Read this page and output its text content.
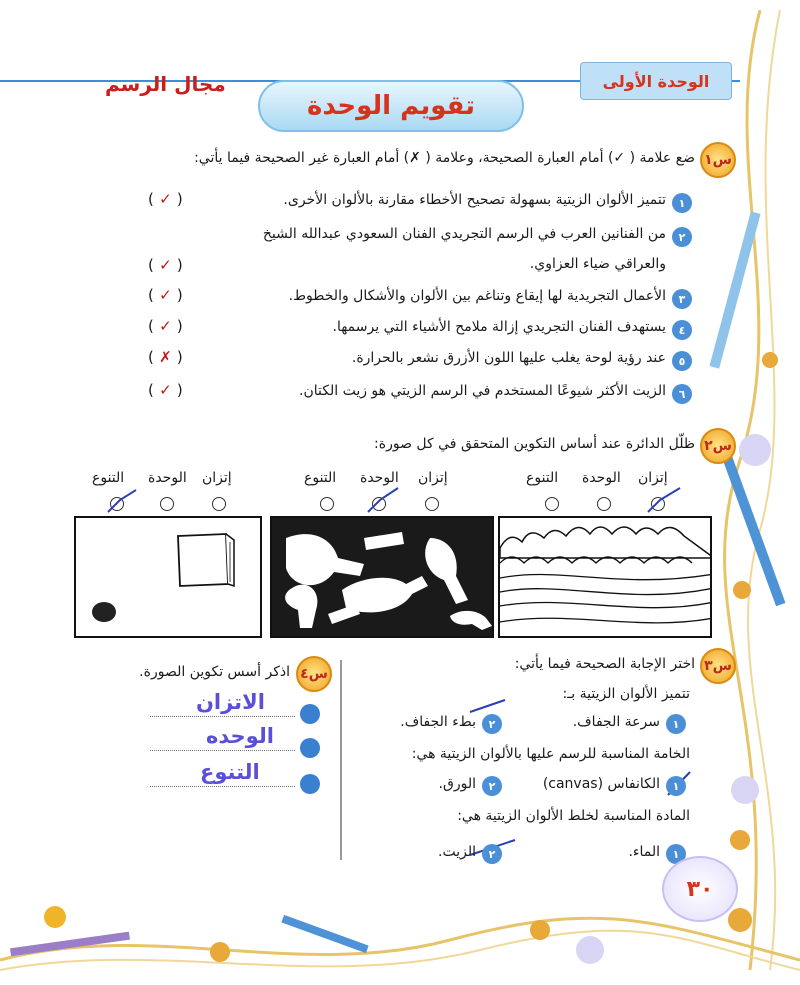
الوحدة الأولى
مجال الرسم
تقويم الوحدة
س١
ضع علامة ( ✓) أمام العبارة الصحيحة، وعلامة ( ✗) أمام العبارة غير الصحيحة فيما يأتي:
١
تتميز الألوان الزيتية بسهولة تصحيح الأخطاء مقارنة بالألوان الأخرى.
( ✓ )
٢
من الفنانين العرب في الرسم التجريدي الفنان السعودي عبدالله الشيخ
والعراقي ضياء العزاوي.
( ✓ )
٣
الأعمال التجريدية لها إيقاع وتناغم بين الألوان والأشكال والخطوط.
( ✓ )
٤
يستهدف الفنان التجريدي إزالة ملامح الأشياء التي يرسمها.
( ✓ )
٥
عند رؤية لوحة يغلب عليها اللون الأزرق نشعر بالحرارة.
( ✗ )
٦
الزيت الأكثر شيوعًا المستخدم في الرسم الزيتي هو زيت الكتان.
( ✓ )
س٢
ظلّل الدائرة عند أساس التكوين المتحقق في كل صورة:
إتزان
الوحدة
التنوع
إتزان
الوحدة
التنوع
إتزان
الوحدة
التنوع
س٣
اختر الإجابة الصحيحة فيما يأتي:
تتميز الألوان الزيتية بـ:
١
سرعة الجفاف.
٢
بطء الجفاف.
الخامة المناسبة للرسم عليها بالألوان الزيتية هي:
١
الكانفاس (canvas)
٢
الورق.
المادة المناسبة لخلط الألوان الزيتية هي:
١
الماء.
٢
الزيت.
س٤
اذكر أسس تكوين الصورة.
الاتزان
الوحده
التنوع
٣٠
